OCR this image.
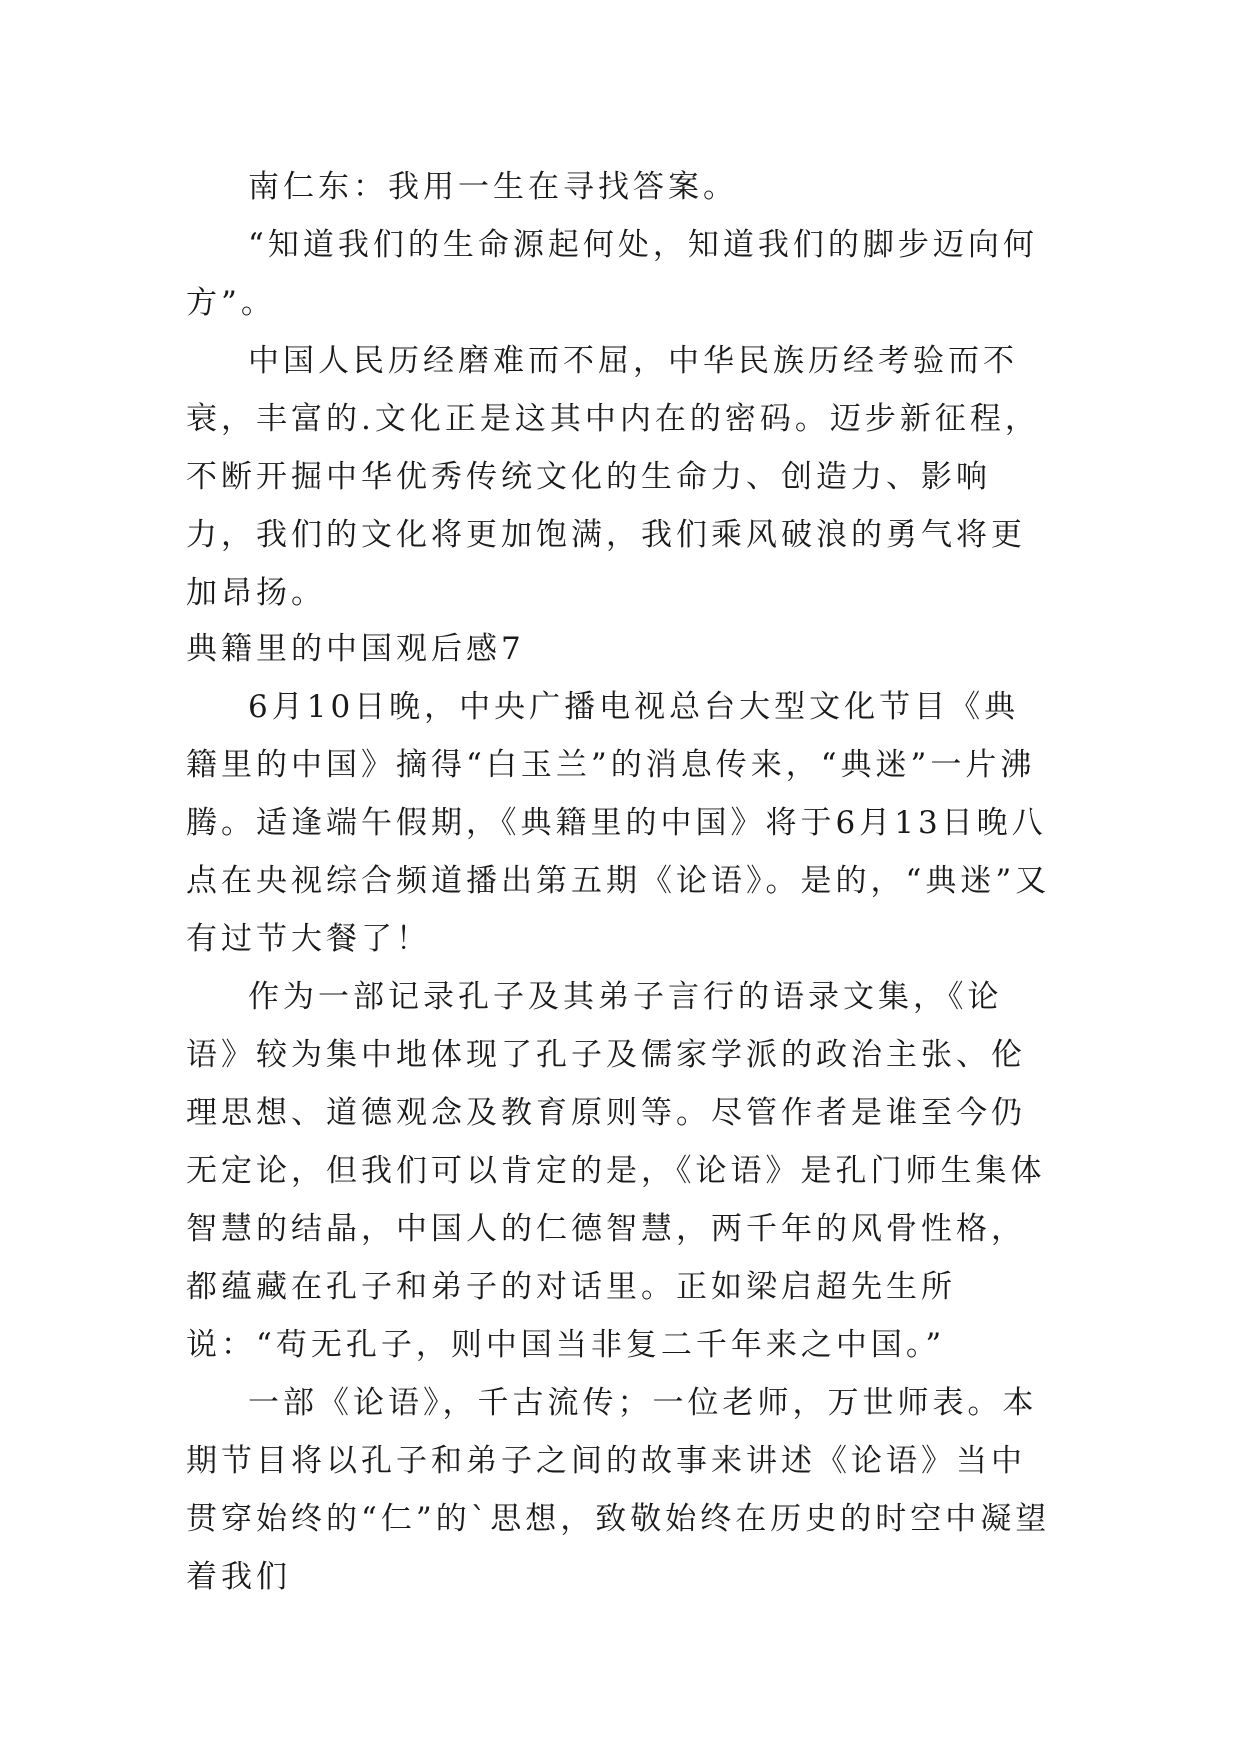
南仁东：我用一生在寻找答案。

“知道我们的生命源起何处，知道我们的脚步迈向何方”。

中国人民历经磨难而不屈，中华民族历经考验而不衰，丰富的.文化正是这其中内在的密码。迈步新征程，不断开掘中华优秀传统文化的生命力、创造力、影响力，我们的文化将更加饱满，我们乘风破浪的勇气将更加昂扬。

典籍里的中国观后感7

6月10日晚，中央广播电视总台大型文化节目《典籍里的中国》摘得“白玉兰”的消息传来，“典迷”一片沸腾。适逢端午假期，《典籍里的中国》将于6月13日晚八点在央视综合频道播出第五期《论语》。是的，“典迷”又有过节大餐了！

作为一部记录孔子及其弟子言行的语录文集，《论语》较为集中地体现了孔子及儒家学派的政治主张、伦理思想、道德观念及教育原则等。尽管作者是谁至今仍无定论，但我们可以肯定的是，《论语》是孔门师生集体智慧的结晶，中国人的仁德智慧，两千年的风骨性格，都蕴藏在孔子和弟子的对话里。正如梁启超先生所说：“苟无孔子，则中国当非复二千年来之中国。”

一部《论语》，千古流传；一位老师，万世师表。本期节目将以孔子和弟子之间的故事来讲述《论语》当中贯穿始终的“仁”的`思想，致敬始终在历史的时空中凝望着我们
